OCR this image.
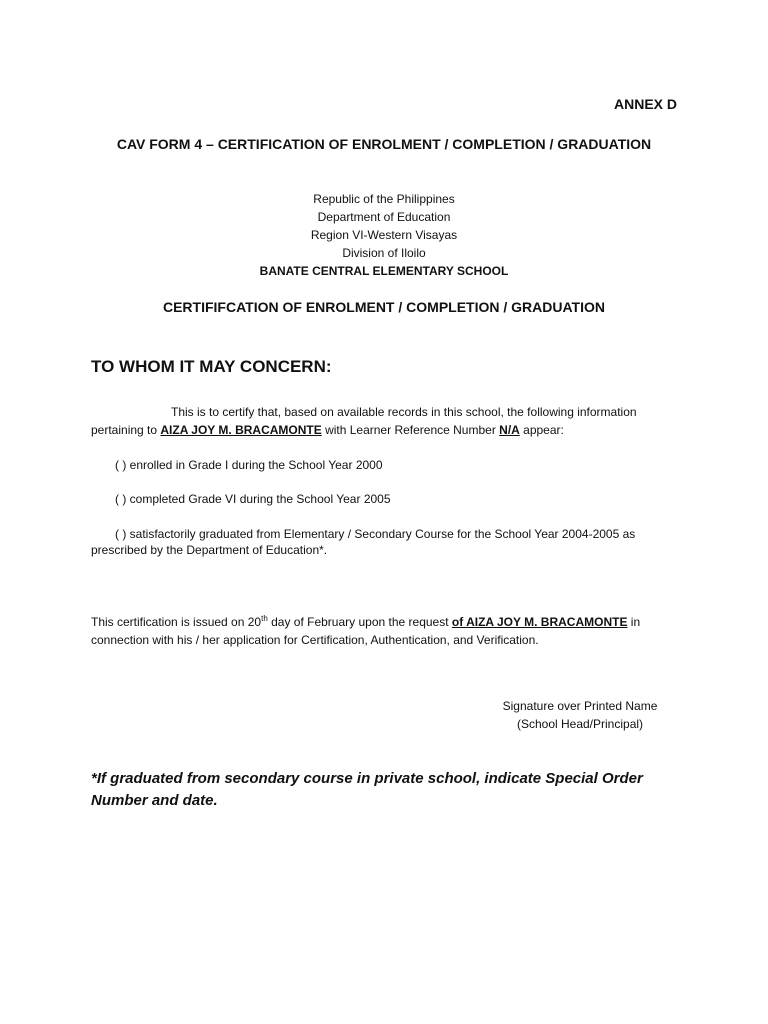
ANNEX D
CAV FORM 4 – CERTIFICATION OF ENROLMENT / COMPLETION / GRADUATION
Republic of the Philippines
Department of Education
Region VI-Western Visayas
Division of Iloilo
BANATE CENTRAL ELEMENTARY SCHOOL
CERTIFIFCATION OF ENROLMENT / COMPLETION / GRADUATION
TO WHOM IT MAY CONCERN:
This is to certify that, based on available records in this school, the following information pertaining to AIZA JOY M. BRACAMONTE with Learner Reference Number N/A appear:
( ) enrolled in Grade I during the School Year 2000
( ) completed Grade VI during the School Year 2005
( ) satisfactorily graduated from Elementary / Secondary Course for the School Year 2004-2005 as
prescribed by the Department of Education*.
This certification is issued on 20th day of February upon the request of AIZA JOY M. BRACAMONTE in connection with his / her application for Certification, Authentication, and Verification.
Signature over Printed Name
(School Head/Principal)
*If graduated from secondary course in private school, indicate Special Order Number and date.
